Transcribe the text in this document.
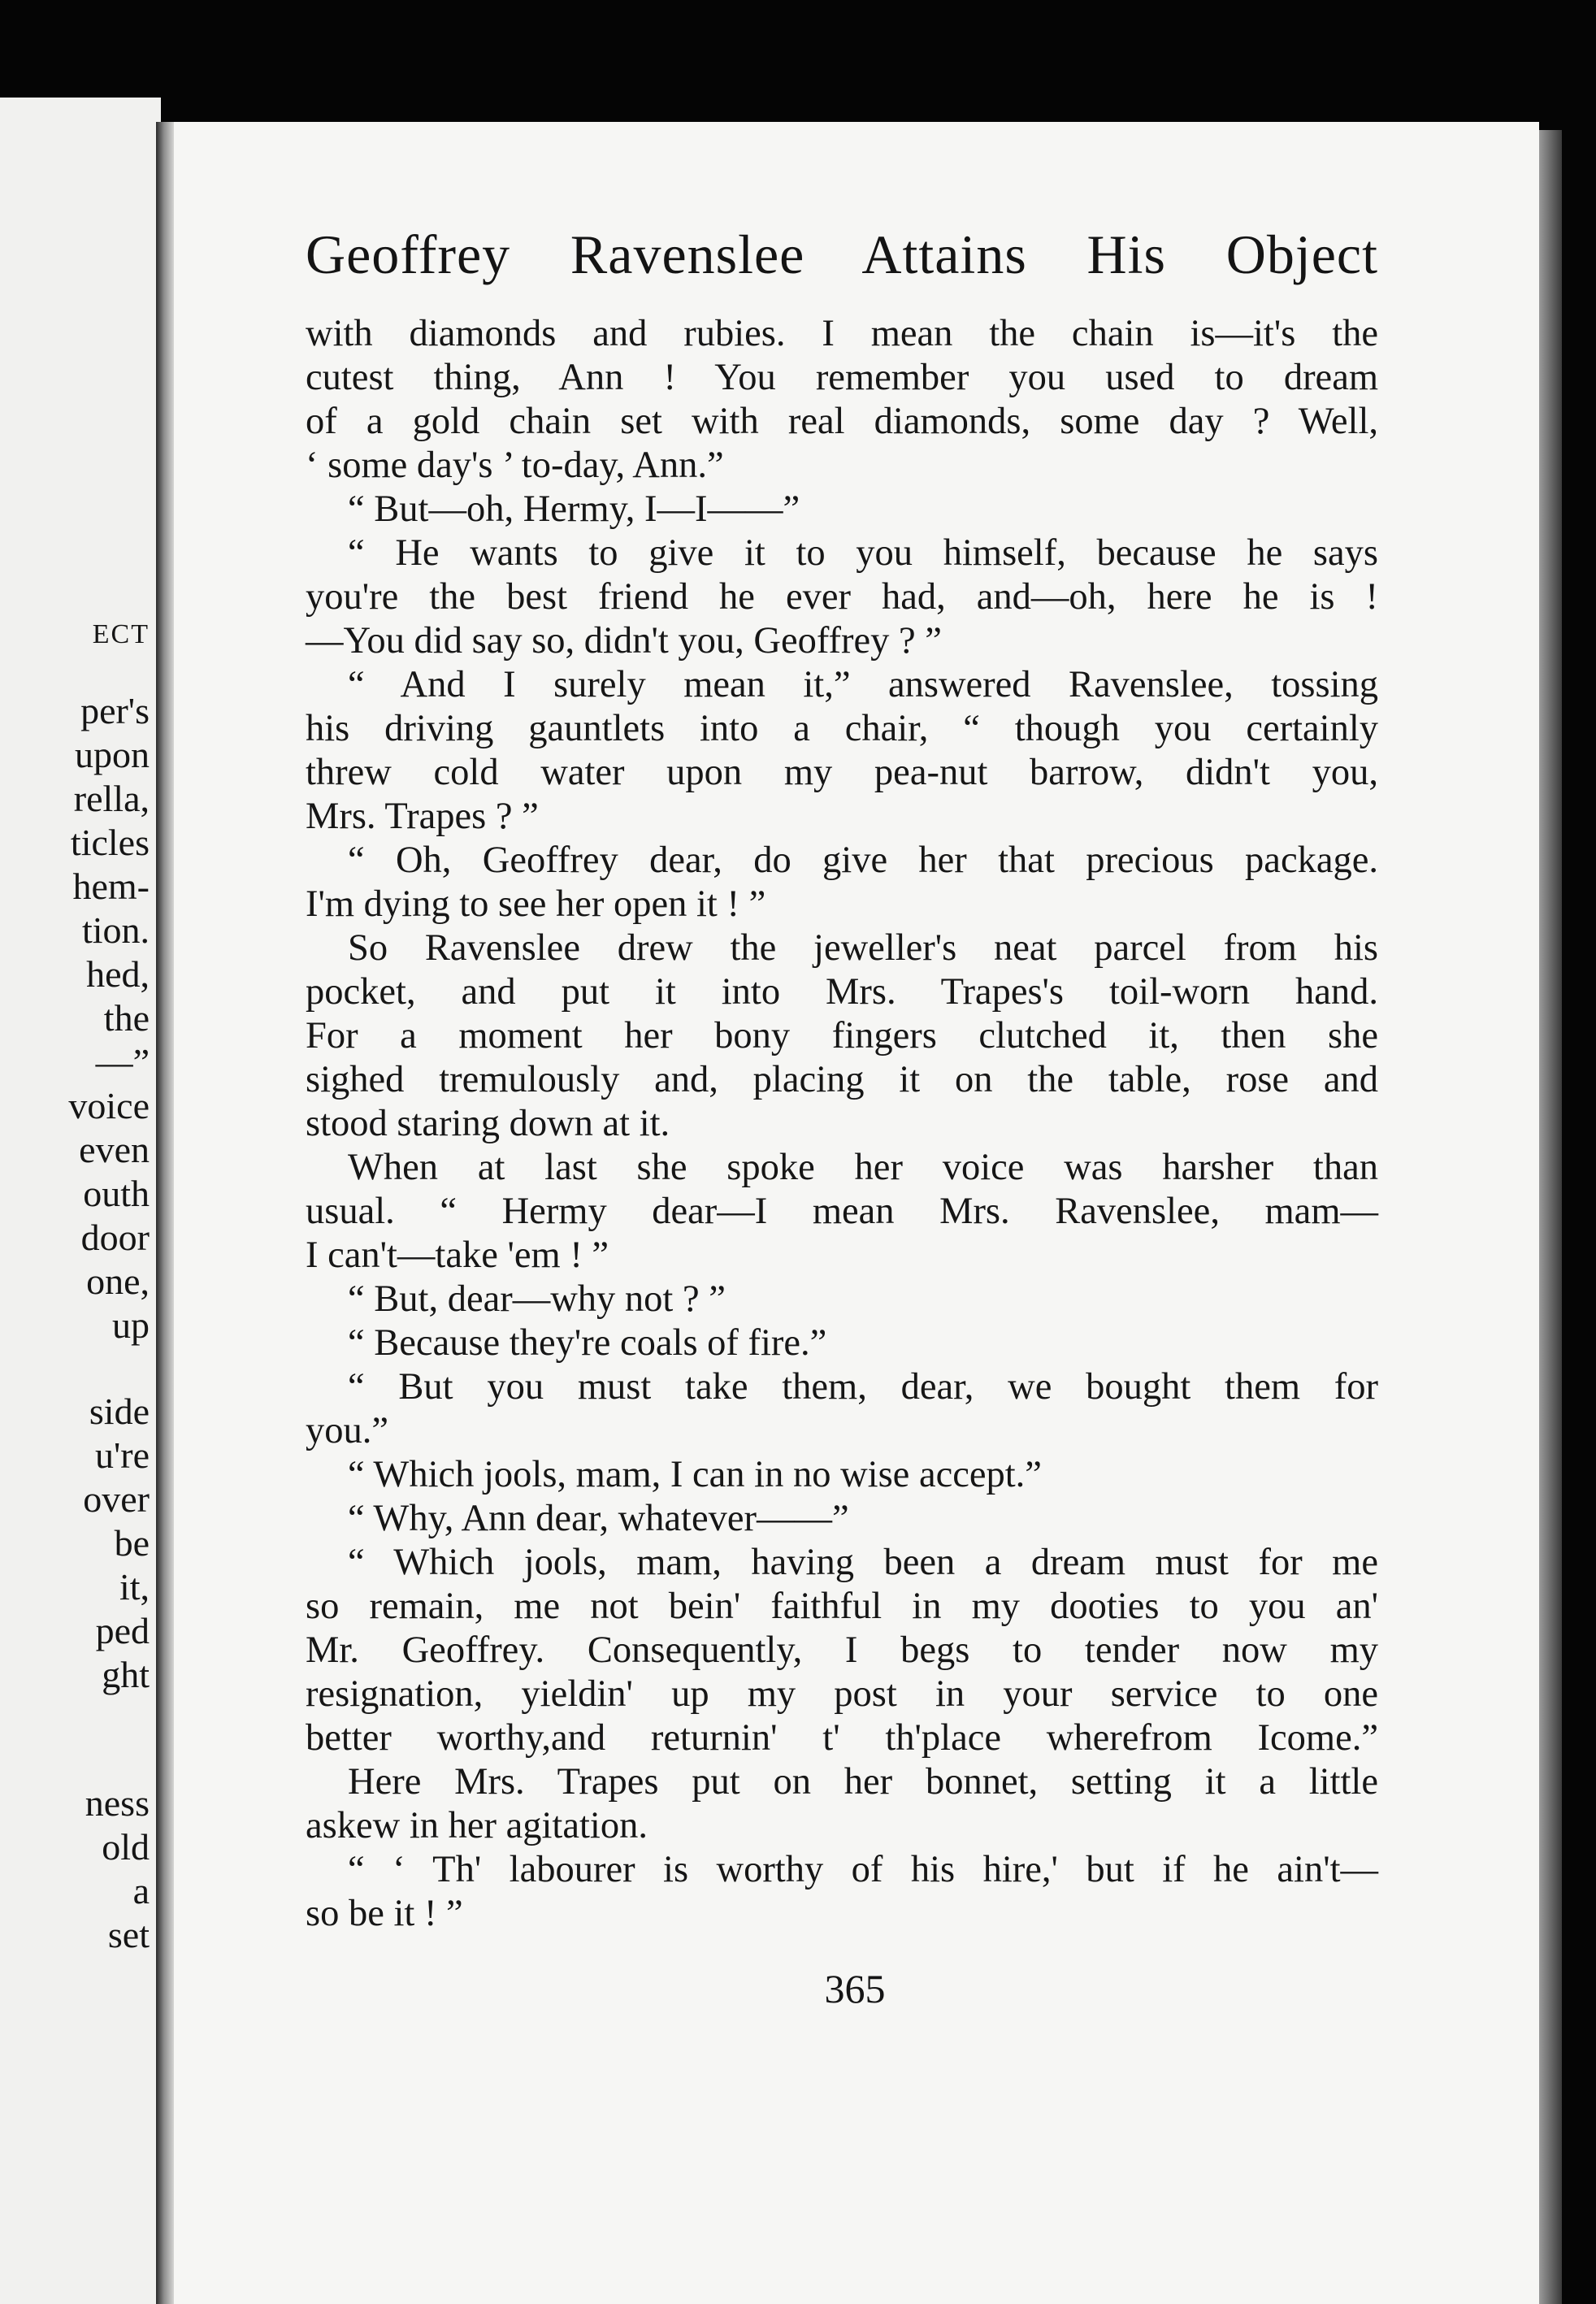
ECT
per's
upon
rella,
ticles
hem-
tion.
hed,
the
—”
voice
even
outh
door
one,
up
side
u're
over
be
it,
ped
ght
ness
old
a
set
Geoffrey Ravenslee Attains His Object
with diamonds and rubies. I mean the chain is—it's the
cutest thing, Ann ! You remember you used to dream
of a gold chain set with real diamonds, some day ? Well,
‘ some day's ’ to-day, Ann.”
“ But—oh, Hermy, I—I——”
“ He wants to give it to you himself, because he says
you're the best friend he ever had, and—oh, here he is !
—You did say so, didn't you, Geoffrey ? ”
“ And I surely mean it,” answered Ravenslee, tossing
his driving gauntlets into a chair, “ though you certainly
threw cold water upon my pea-nut barrow, didn't you,
Mrs. Trapes ? ”
“ Oh, Geoffrey dear, do give her that precious package.
I'm dying to see her open it ! ”
So Ravenslee drew the jeweller's neat parcel from his
pocket, and put it into Mrs. Trapes's toil-worn hand.
For a moment her bony fingers clutched it, then she
sighed tremulously and, placing it on the table, rose and
stood staring down at it.
When at last she spoke her voice was harsher than
usual. “ Hermy dear—I mean Mrs. Ravenslee, mam—
I can't—take 'em ! ”
“ But, dear—why not ? ”
“ Because they're coals of fire.”
“ But you must take them, dear, we bought them for
you.”
“ Which jools, mam, I can in no wise accept.”
“ Why, Ann dear, whatever——”
“ Which jools, mam, having been a dream must for me
so remain, me not bein' faithful in my dooties to you an'
Mr. Geoffrey. Consequently, I begs to tender now my
resignation, yieldin' up my post in your service to one
better worthy,and returnin' t' th'place wherefrom Icome.”
Here Mrs. Trapes put on her bonnet, setting it a little
askew in her agitation.
“ ‘ Th' labourer is worthy of his hire,' but if he ain't—
so be it ! ”
365
